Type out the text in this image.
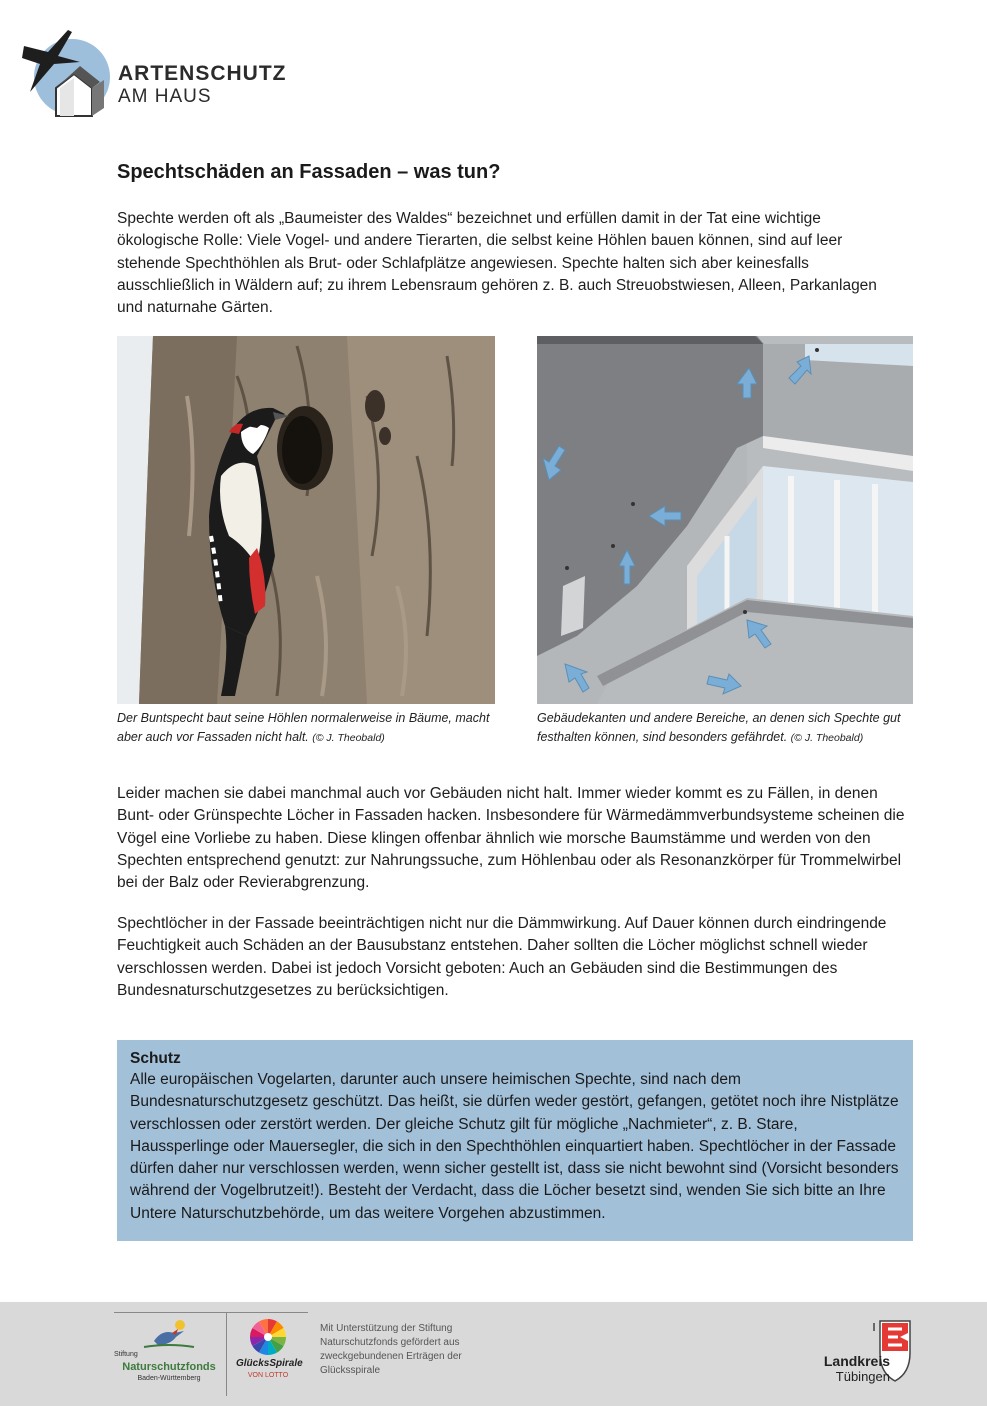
ARTENSCHUTZ
AM HAUS
Spechtschäden an Fassaden – was tun?
Spechte werden oft als „Baumeister des Waldes“ bezeichnet und erfüllen damit in der Tat eine wichtige ökologische Rolle: Viele Vogel- und andere Tierarten, die selbst keine Höhlen bauen können, sind auf leer stehende Spechthöhlen als Brut- oder Schlafplätze angewiesen. Spechte halten sich aber keinesfalls ausschließlich in Wäldern auf; zu ihrem Lebensraum gehören z. B. auch Streuobstwiesen, Alleen, Parkanlagen und naturnahe Gärten.
Der Buntspecht baut seine Höhlen normalerweise in Bäume, macht aber auch vor Fassaden nicht halt. (© J. Theobald)
Gebäudekanten und andere Bereiche, an denen sich Spechte gut festhalten können, sind besonders gefährdet. (© J. Theobald)
Leider machen sie dabei manchmal auch vor Gebäuden nicht halt. Immer wieder kommt es zu Fällen, in denen Bunt- oder Grünspechte Löcher in Fassaden hacken. Insbesondere für Wärmedämmverbundsysteme scheinen die Vögel eine Vorliebe zu haben. Diese klingen offenbar ähnlich wie morsche Baumstämme und werden von den Spechten entsprechend genutzt: zur Nahrungssuche, zum Höhlenbau oder als Resonanzkörper für Trommelwirbel bei der Balz oder Revierabgrenzung.
Spechtlöcher in der Fassade beeinträchtigen nicht nur die Dämmwirkung. Auf Dauer können durch eindringende Feuchtigkeit auch Schäden an der Bausubstanz entstehen. Daher sollten die Löcher möglichst schnell wieder verschlossen werden. Dabei ist jedoch Vorsicht geboten: Auch an Gebäuden sind die Bestimmungen des Bundesnaturschutzgesetzes zu berücksichtigen.
Schutz
Alle europäischen Vogelarten, darunter auch unsere heimischen Spechte, sind nach dem Bundesnaturschutzgesetz geschützt. Das heißt, sie dürfen weder gestört, gefangen, getötet noch ihre Nistplätze verschlossen oder zerstört werden. Der gleiche Schutz gilt für mögliche „Nachmieter“, z. B. Stare, Haussperlinge oder Mauersegler, die sich in den Spechthöhlen einquartiert haben. Spechtlöcher in der Fassade dürfen daher nur verschlossen werden, wenn sicher gestellt ist, dass sie nicht bewohnt sind (Vorsicht besonders während der Vogelbrutzeit!). Besteht der Verdacht, dass die Löcher besetzt sind, wenden Sie sich bitte an Ihre Untere Naturschutzbehörde, um das weitere Vorgehen abzustimmen.
Stiftung
Naturschutzfonds
Baden-Württemberg
GlücksSpirale
VON LOTTO
Mit Unterstützung der Stiftung Naturschutzfonds gefördert aus zweckgebundenen Erträgen der Glücksspirale
Landkreis
Tübingen
